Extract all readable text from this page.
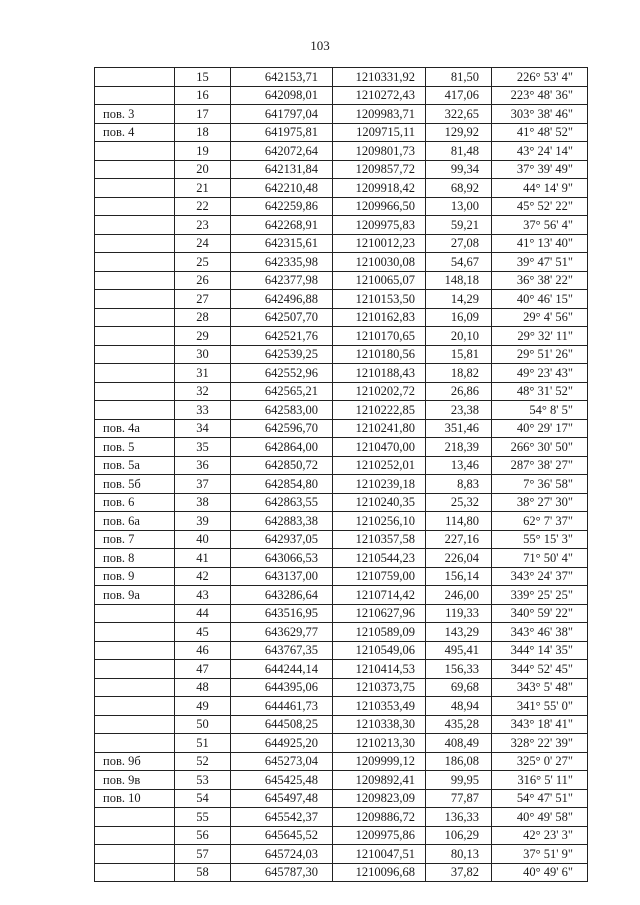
103
	15	642153,71	1210331,92	81,50	226° 53' 4"
	16	642098,01	1210272,43	417,06	223° 48' 36"
пов. 3	17	641797,04	1209983,71	322,65	303° 38' 46"
пов. 4	18	641975,81	1209715,11	129,92	41° 48' 52"
	19	642072,64	1209801,73	81,48	43° 24' 14"
	20	642131,84	1209857,72	99,34	37° 39' 49"
	21	642210,48	1209918,42	68,92	44° 14' 9"
	22	642259,86	1209966,50	13,00	45° 52' 22"
	23	642268,91	1209975,83	59,21	37° 56' 4"
	24	642315,61	1210012,23	27,08	41° 13' 40"
	25	642335,98	1210030,08	54,67	39° 47' 51"
	26	642377,98	1210065,07	148,18	36° 38' 22"
	27	642496,88	1210153,50	14,29	40° 46' 15"
	28	642507,70	1210162,83	16,09	29° 4' 56"
	29	642521,76	1210170,65	20,10	29° 32' 11"
	30	642539,25	1210180,56	15,81	29° 51' 26"
	31	642552,96	1210188,43	18,82	49° 23' 43"
	32	642565,21	1210202,72	26,86	48° 31' 52"
	33	642583,00	1210222,85	23,38	54° 8' 5"
пов. 4а	34	642596,70	1210241,80	351,46	40° 29' 17"
пов. 5	35	642864,00	1210470,00	218,39	266° 30' 50"
пов. 5а	36	642850,72	1210252,01	13,46	287° 38' 27"
пов. 5б	37	642854,80	1210239,18	8,83	7° 36' 58"
пов. 6	38	642863,55	1210240,35	25,32	38° 27' 30"
пов. 6а	39	642883,38	1210256,10	114,80	62° 7' 37"
пов. 7	40	642937,05	1210357,58	227,16	55° 15' 3"
пов. 8	41	643066,53	1210544,23	226,04	71° 50' 4"
пов. 9	42	643137,00	1210759,00	156,14	343° 24' 37"
пов. 9а	43	643286,64	1210714,42	246,00	339° 25' 25"
	44	643516,95	1210627,96	119,33	340° 59' 22"
	45	643629,77	1210589,09	143,29	343° 46' 38"
	46	643767,35	1210549,06	495,41	344° 14' 35"
	47	644244,14	1210414,53	156,33	344° 52' 45"
	48	644395,06	1210373,75	69,68	343° 5' 48"
	49	644461,73	1210353,49	48,94	341° 55' 0"
	50	644508,25	1210338,30	435,28	343° 18' 41"
	51	644925,20	1210213,30	408,49	328° 22' 39"
пов. 9б	52	645273,04	1209999,12	186,08	325° 0' 27"
пов. 9в	53	645425,48	1209892,41	99,95	316° 5' 11"
пов. 10	54	645497,48	1209823,09	77,87	54° 47' 51"
	55	645542,37	1209886,72	136,33	40° 49' 58"
	56	645645,52	1209975,86	106,29	42° 23' 3"
	57	645724,03	1210047,51	80,13	37° 51' 9"
	58	645787,30	1210096,68	37,82	40° 49' 6"
